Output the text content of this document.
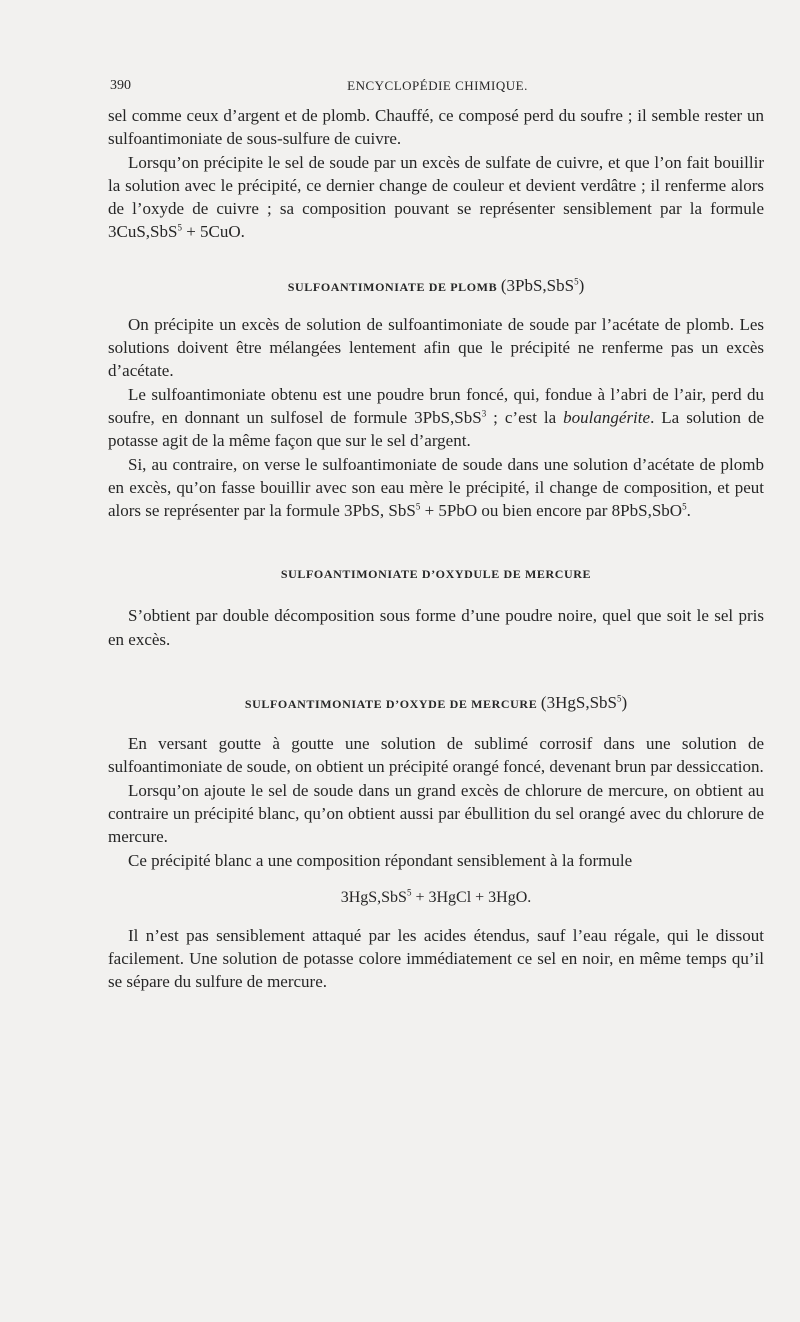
390	ENCYCLOPÉDIE CHIMIQUE.

sel comme ceux d’argent et de plomb. Chauffé, ce composé perd du soufre ; il semble rester un sulfoantimoniate de sous-sulfure de cuivre.

Lorsqu’on précipite le sel de soude par un excès de sulfate de cuivre, et que l’on fait bouillir la solution avec le précipité, ce dernier change de couleur et devient verdâtre ; il renferme alors de l’oxyde de cuivre ; sa composition pouvant se représenter sensiblement par la formule 3CuS,SbS$^5$ + 5CuO.

SULFOANTIMONIATE DE PLOMB (3PbS,SbS$^5$)

On précipite un excès de solution de sulfoantimoniate de soude par l’acétate de plomb. Les solutions doivent être mélangées lentement afin que le précipité ne renferme pas un excès d’acétate.

Le sulfoantimoniate obtenu est une poudre brun foncé, qui, fondue à l’abri de l’air, perd du soufre, en donnant un sulfosel de formule 3PbS,SbS$^3$ ; c’est la boulangérite. La solution de potasse agit de la même façon que sur le sel d’argent.

Si, au contraire, on verse le sulfoantimoniate de soude dans une solution d’acétate de plomb en excès, qu’on fasse bouillir avec son eau mère le précipité, il change de composition, et peut alors se représenter par la formule 3PbS, SbS$^5$ + 5PbO ou bien encore par 8PbS,SbO$^5$.

SULFOANTIMONIATE D’OXYDULE DE MERCURE

S’obtient par double décomposition sous forme d’une poudre noire, quel que soit le sel pris en excès.

SULFOANTIMONIATE D’OXYDE DE MERCURE (3HgS,SbS$^5$)

En versant goutte à goutte une solution de sublimé corrosif dans une solution de sulfoantimoniate de soude, on obtient un précipité orangé foncé, devenant brun par dessiccation.

Lorsqu’on ajoute le sel de soude dans un grand excès de chlorure de mercure, on obtient au contraire un précipité blanc, qu’on obtient aussi par ébullition du sel orangé avec du chlorure de mercure.

Ce précipité blanc a une composition répondant sensiblement à la formule

3HgS,SbS$^5$ + 3HgCl + 3HgO.

Il n’est pas sensiblement attaqué par les acides étendus, sauf l’eau régale, qui le dissout facilement. Une solution de potasse colore immédiatement ce sel en noir, en même temps qu’il se sépare du sulfure de mercure.
